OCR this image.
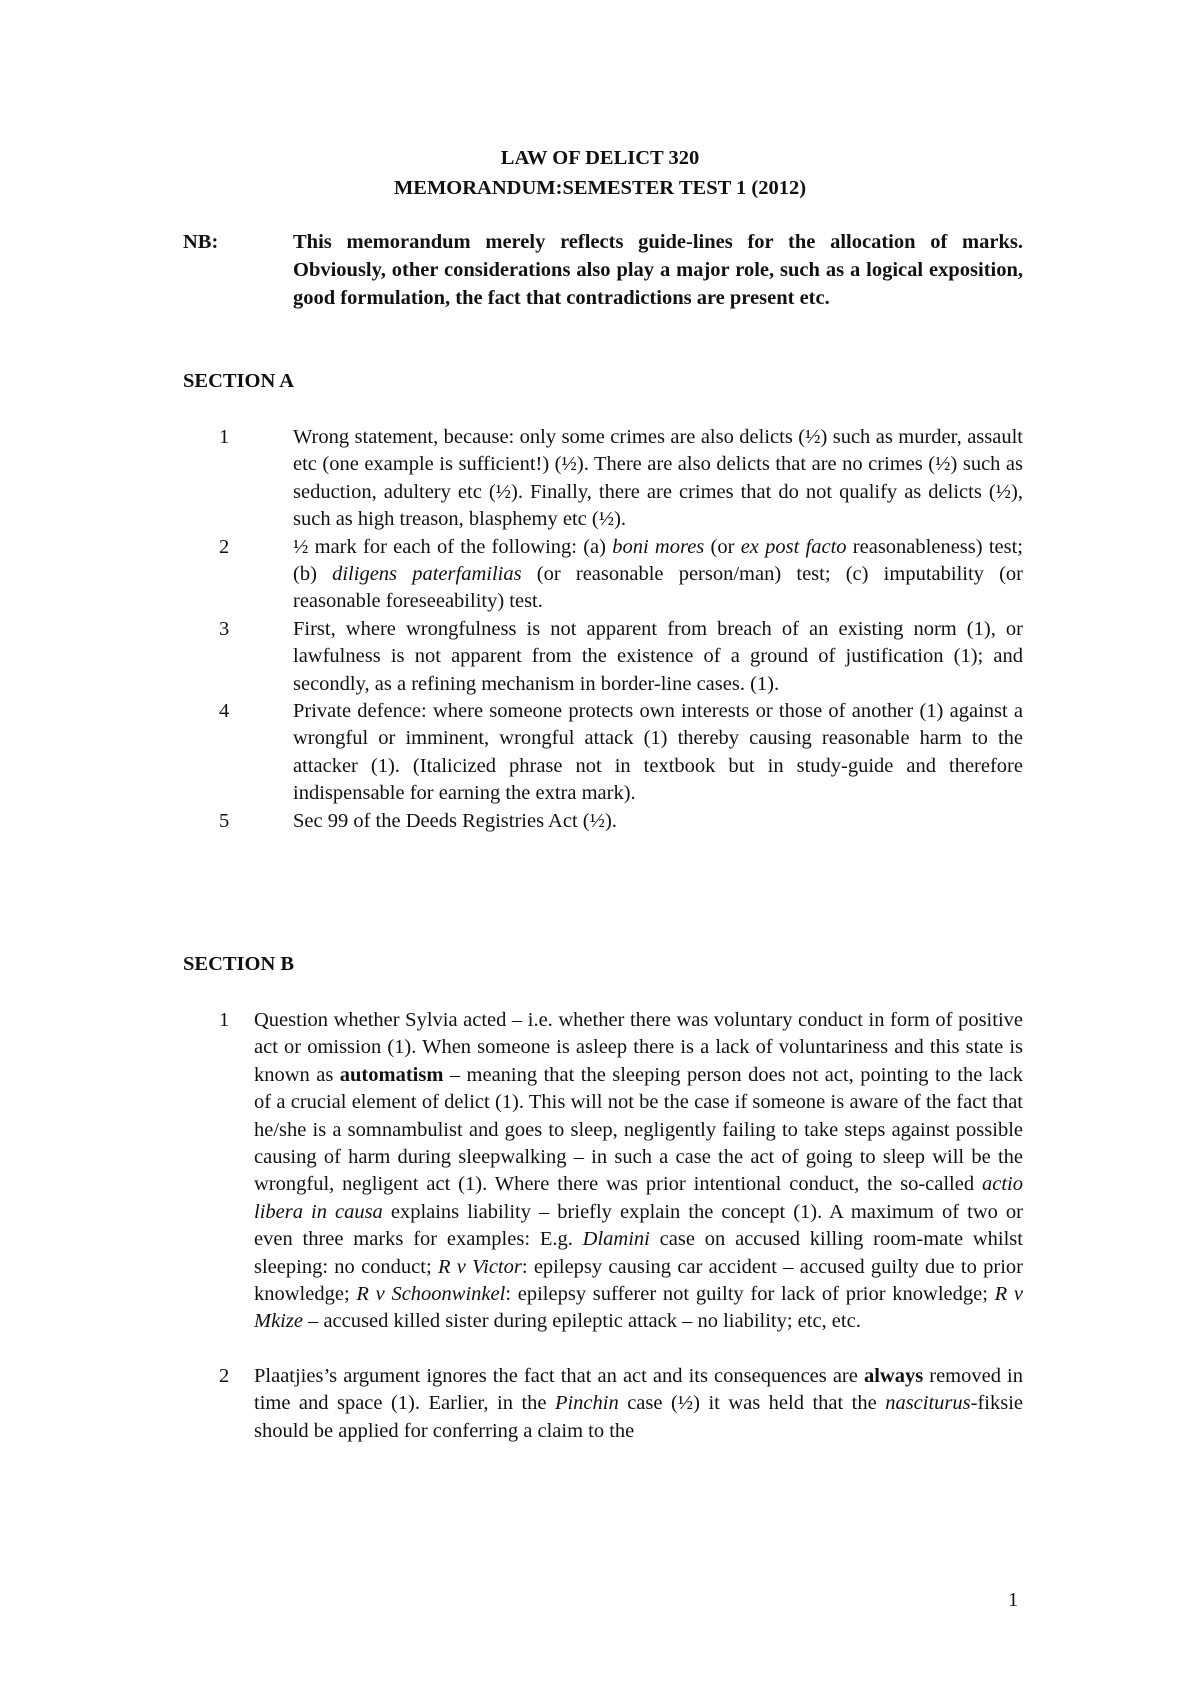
LAW OF DELICT 320
MEMORANDUM:SEMESTER TEST 1 (2012)
NB:	This memorandum merely reflects guide-lines for the allocation of marks. Obviously, other considerations also play a major role, such as a logical exposition, good formulation, the fact that contradictions are present etc.
SECTION A
1	Wrong statement, because: only some crimes are also delicts (½) such as murder, assault etc (one example is sufficient!) (½). There are also delicts that are no crimes (½) such as seduction, adultery etc (½). Finally, there are crimes that do not qualify as delicts (½), such as high treason, blasphemy etc (½).
2	½ mark for each of the following: (a) boni mores (or ex post facto reasonableness) test; (b) diligens paterfamilias (or reasonable person/man) test; (c) imputability (or reasonable foreseeability) test.
3	First, where wrongfulness is not apparent from breach of an existing norm (1), or lawfulness is not apparent from the existence of a ground of justification (1); and secondly, as a refining mechanism in border-line cases. (1).
4	Private defence: where someone protects own interests or those of another (1) against a wrongful or imminent, wrongful attack (1) thereby causing reasonable harm to the attacker (1). (Italicized phrase not in textbook but in study-guide and therefore indispensable for earning the extra mark).
5	Sec 99 of the Deeds Registries Act (½).
SECTION B
1 Question whether Sylvia acted – i.e. whether there was voluntary conduct in form of positive act or omission (1). When someone is asleep there is a lack of voluntariness and this state is known as automatism – meaning that the sleeping person does not act, pointing to the lack of a crucial element of delict (1). This will not be the case if someone is aware of the fact that he/she is a somnambulist and goes to sleep, negligently failing to take steps against possible causing of harm during sleepwalking – in such a case the act of going to sleep will be the wrongful, negligent act (1). Where there was prior intentional conduct, the so-called actio libera in causa explains liability – briefly explain the concept (1). A maximum of two or even three marks for examples: E.g. Dlamini case on accused killing room-mate whilst sleeping: no conduct; R v Victor: epilepsy causing car accident – accused guilty due to prior knowledge; R v Schoonwinkel: epilepsy sufferer not guilty for lack of prior knowledge; R v Mkize – accused killed sister during epileptic attack – no liability; etc, etc.
2 Plaatjies’s argument ignores the fact that an act and its consequences are always removed in time and space (1). Earlier, in the Pinchin case (½) it was held that the nasciturus-fiksie should be applied for conferring a claim to the
1
